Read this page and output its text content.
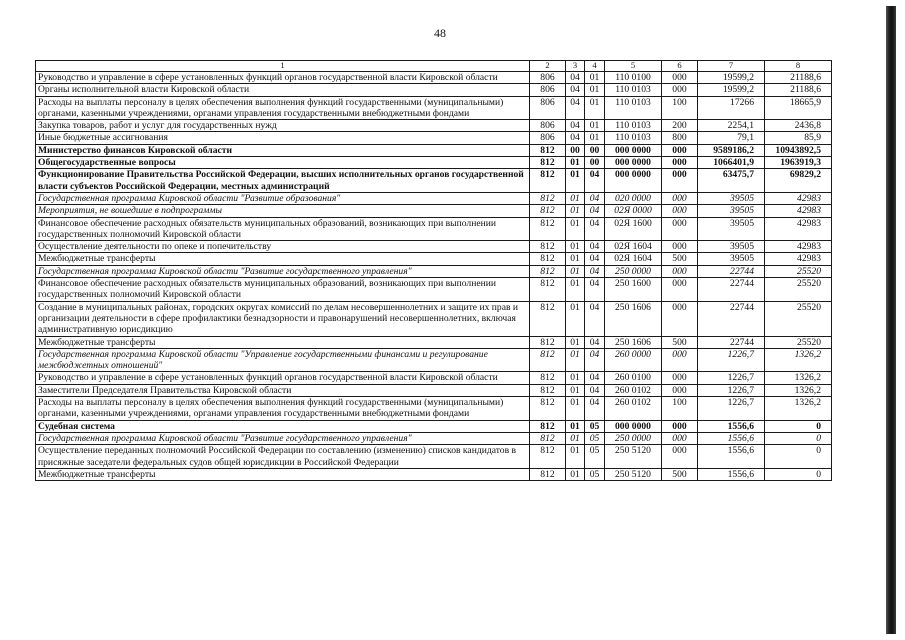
48
1	2	3	4	5	6	7	8
Руководство и управление в сфере установленных функций органов государственной власти Кировской области	806	04	01	110 0100	000	19599,2	21188,6
Органы исполнительной власти Кировской области	806	04	01	110 0103	000	19599,2	21188,6
Расходы на выплаты персоналу в целях обеспечения выполнения функций государственными (муниципальными) органами, казенными учреждениями, органами управления государственными внебюджетными фондами	806	04	01	110 0103	100	17266	18665,9
Закупка товаров, работ и услуг для государственных нужд	806	04	01	110 0103	200	2254,1	2436,8
Иные бюджетные ассигнования	806	04	01	110 0103	800	79,1	85,9
Министерство финансов Кировской области	812	00	00	000 0000	000	9589186,2	10943892,5
Общегосударственные вопросы	812	01	00	000 0000	000	1066401,9	1963919,3
Функционирование Правительства Российской Федерации, высших исполнительных органов государственной власти субъектов Российской Федерации, местных администраций	812	01	04	000 0000	000	63475,7	69829,2
Государственная программа Кировской области "Развитие образования"	812	01	04	020 0000	000	39505	42983
Мероприятия, не вошедшие в подпрограммы	812	01	04	02Я 0000	000	39505	42983
Финансовое обеспечение расходных обязательств муниципальных образований, возникающих при выполнении государственных полномочий Кировской области	812	01	04	02Я 1600	000	39505	42983
Осуществление деятельности по опеке и попечительству	812	01	04	02Я 1604	000	39505	42983
Межбюджетные трансферты	812	01	04	02Я 1604	500	39505	42983
Государственная программа Кировской области "Развитие государственного управления"	812	01	04	250 0000	000	22744	25520
Финансовое обеспечение расходных обязательств муниципальных образований, возникающих при выполнении государственных полномочий Кировской области	812	01	04	250 1600	000	22744	25520
Создание в муниципальных районах, городских округах комиссий по делам несовершеннолетних и защите их прав и организации деятельности в сфере профилактики безнадзорности и правонарушений несовершеннолетних, включая административную юрисдикцию	812	01	04	250 1606	000	22744	25520
Межбюджетные трансферты	812	01	04	250 1606	500	22744	25520
Государственная программа Кировской области "Управление государственными финансами и регулирование межбюджетных отношений"	812	01	04	260 0000	000	1226,7	1326,2
Руководство и управление в сфере установленных функций органов государственной власти Кировской области	812	01	04	260 0100	000	1226,7	1326,2
Заместители Председателя Правительства Кировской области	812	01	04	260 0102	000	1226,7	1326,2
Расходы на выплаты персоналу в целях обеспечения выполнения функций государственными (муниципальными) органами, казенными учреждениями, органами управления государственными внебюджетными фондами	812	01	04	260 0102	100	1226,7	1326,2
Судебная система	812	01	05	000 0000	000	1556,6	0
Государственная программа Кировской области "Развитие государственного управления"	812	01	05	250 0000	000	1556,6	0
Осуществление переданных полномочий Российской Федерации по составлению (изменению) списков кандидатов в присяжные заседатели федеральных судов общей юрисдикции в Российской Федерации	812	01	05	250 5120	000	1556,6	0
Межбюджетные трансферты	812	01	05	250 5120	500	1556,6	0
